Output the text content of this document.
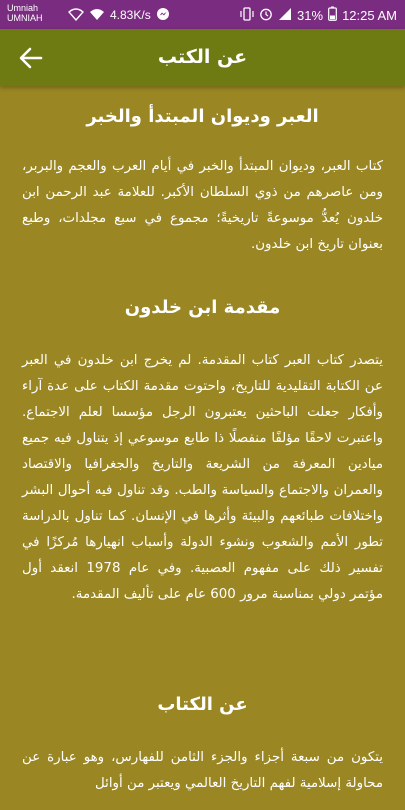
Umniah
UMNIAH	4.83K/s	31% 12:25 AM
عن الكتب
العبر وديوان المبتدأ والخبر

كتاب العبر، وديوان المبتدأ والخبر في أيام العرب والعجم والبربر، ومن عاصرهم من ذوي السلطان الأكبر. للعلامة عبد الرحمن ابن خلدون يُعدُّ موسوعةً تاريخيةً؛ مجموع في سبع مجلدات، وطبع بعنوان تاريخ ابن خلدون.

مقدمة ابن خلدون

يتصدر كتاب العبر كتاب المقدمة. لم يخرج ابن خلدون في العبر عن الكتابة التقليدية للتاريخ، واحتوت مقدمة الكتاب على عدة آراء وأفكار جعلت الباحثين يعتبرون الرجل مؤسسا لعلم الاجتماع. واعتبرت لاحقًا مؤلفًا منفصلًا ذا طابع موسوعي إذ يتناول فيه جميع ميادين المعرفة من الشريعة والتاريخ والجغرافيا والاقتصاد والعمران والاجتماع والسياسة والطب. وقد تناول فيه أحوال البشر واختلافات طبائعهم والبيئة وأثرها في الإنسان. كما تناول بالدراسة تطور الأمم والشعوب ونشوء الدولة وأسباب انهيارها مُركزًا في تفسير ذلك على مفهوم العصبية. وفي عام 1978 انعقد أول مؤتمر دولي بمناسبة مرور 600 عام على تأليف المقدمة.

عن الكتاب

يتكون من سبعة أجزاء والجزء الثامن للفهارس، وهو عبارة عن محاولة إسلامية لفهم التاريخ العالمي ويعتبر من أوائل
